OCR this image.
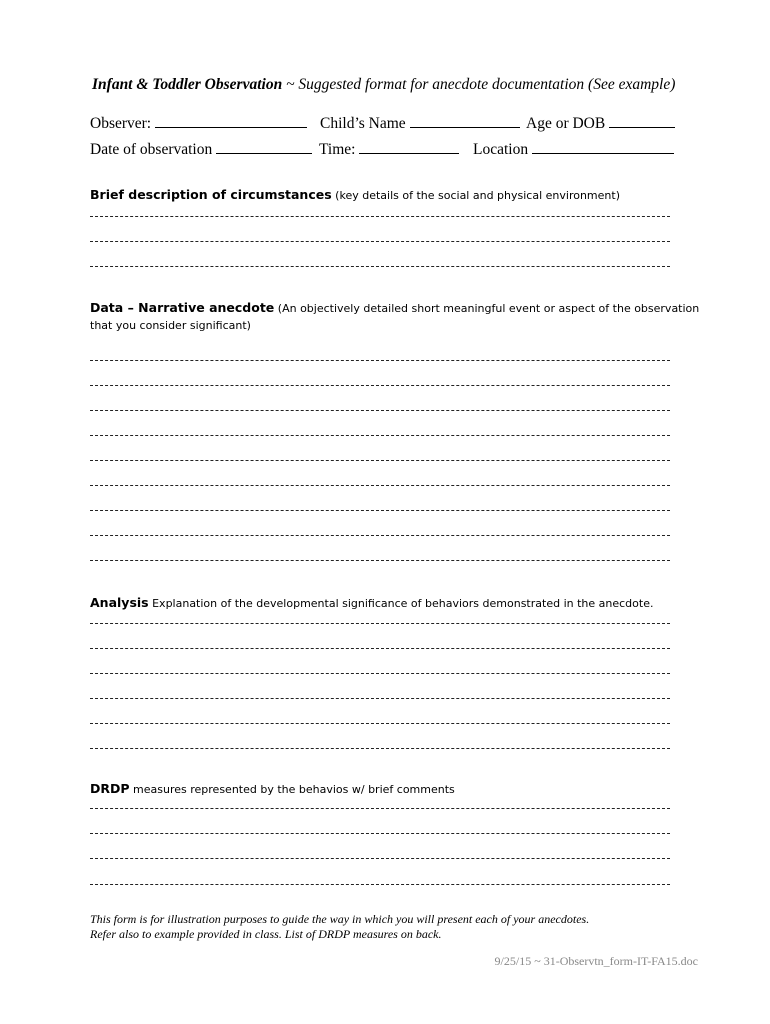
Infant & Toddler Observation ~ Suggested format for anecdote documentation (See example)
Observer:	Child’s Name	Age or DOB
Date of observation	Time:	Location
Brief description of circumstances (key details of the social and physical environment)
Data – Narrative anecdote (An objectively detailed short meaningful event or aspect of the observation
that you consider significant)
Analysis Explanation of the developmental significance of behaviors demonstrated in the anecdote.
DRDP measures represented by the behavios w/ brief comments
This form is for illustration purposes to guide the way in which you will present each of your anecdotes.
Refer also to example provided in class. List of DRDP measures on back.
9/25/15 ~ 31-Observtn_form-IT-FA15.doc
